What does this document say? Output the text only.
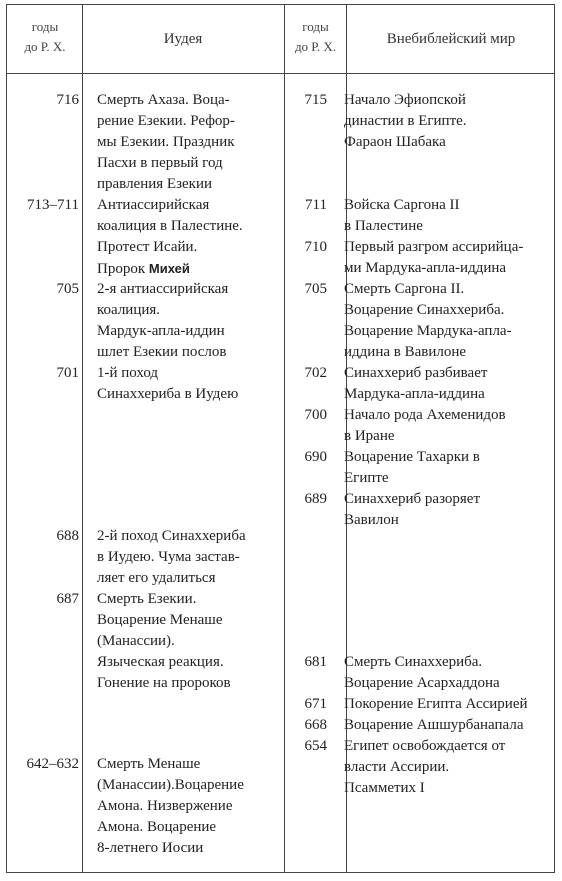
годы
до Р. Х.	Иудея
годы
до Р. Х.	Внебиблейский мир
716 Смерть Ахаза. Воца-
рение Езекии. Рефор-
мы Езекии. Праздник
Пасхи в первый год
правления Езекии
713–711 Антиассирийская
коалиция в Палестине.
Протест Исайи.
Пророк Михей
705 2-я антиассирийская
коалиция.
Мардук-апла-иддин
шлет Езекии послов
701 1-й поход
Синаххериба в Иудею
688 2-й поход Синаххериба
в Иудею. Чума застав-
ляет его удалиться
687 Смерть Езекии.
Воцарение Менаше
(Манассии).
Языческая реакция.
Гонение на пророков
642–632 Смерть Менаше
(Манассии).Воцарение
Амона. Низвержение
Амона. Воцарение
8-летнего Иосии
715 Начало Эфиопской
династии в Египте.
Фараон Шабака
711 Войска Саргона II
в Палестине
710 Первый разгром ассирийца-
ми Мардука-апла-иддина
705 Смерть Саргона II.
Воцарение Синаххериба.
Воцарение Мардука-апла-
иддина в Вавилоне
702 Синаххериб разбивает
Мардука-апла-иддина
700 Начало рода Ахеменидов
в Иране
690 Воцарение Тахарки в
Египте
689 Синаххериб разоряет
Вавилон
681 Смерть Синаххериба.
Воцарение Асархаддона
671 Покорение Египта Ассирией
668 Воцарение Ашшурбанапала
654 Египет освобождается от
власти Ассирии.
Псамметих I
